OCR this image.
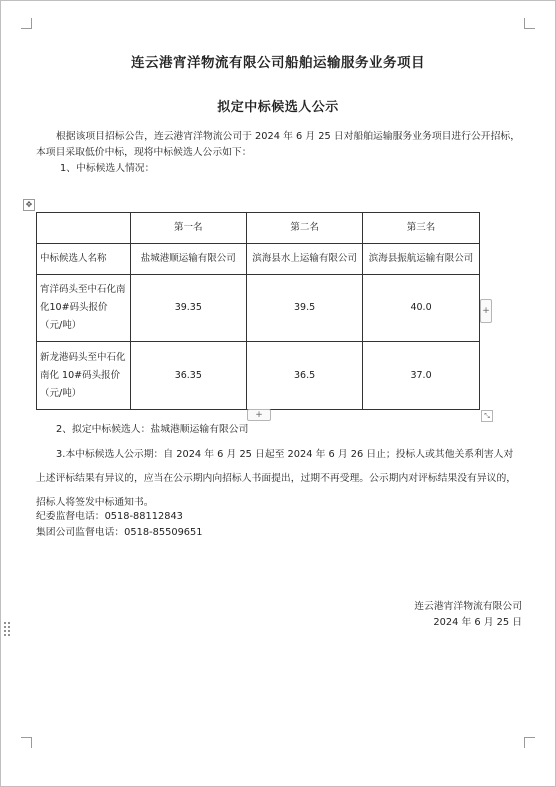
连云港宵洋物流有限公司船舶运输服务业务项目
拟定中标候选人公示
根据该项目招标公告，连云港宵洋物流公司于 2024 年 6 月 25 日对船舶运输服务业务项目进行公开招标，本项目采取低价中标，现将中标候选人公示如下：
1、中标候选人情况：
✥
	第一名	第二名	第三名
中标候选人名称	盐城港顺运输有限公司	滨海县水上运输有限公司	滨海县振航运输有限公司
宵洋码头至中石化南化10#码头报价（元/吨）	39.35	39.5	40.0
新龙港码头至中石化南化 10#码头报价（元/吨）	36.35	36.5	37.0
+
+	⤡
2、拟定中标候选人：盐城港顺运输有限公司
3.本中标候选人公示期：自 2024 年 6 月 25 日起至 2024 年 6 月 26 日止；投标人或其他关系利害人对上述评标结果有异议的，应当在公示期内向招标人书面提出，过期不再受理。公示期内对评标结果没有异议的，招标人将签发中标通知书。
纪委监督电话：0518-88112843
集团公司监督电话：0518-85509651
连云港宵洋物流有限公司
2024 年 6 月 25 日
